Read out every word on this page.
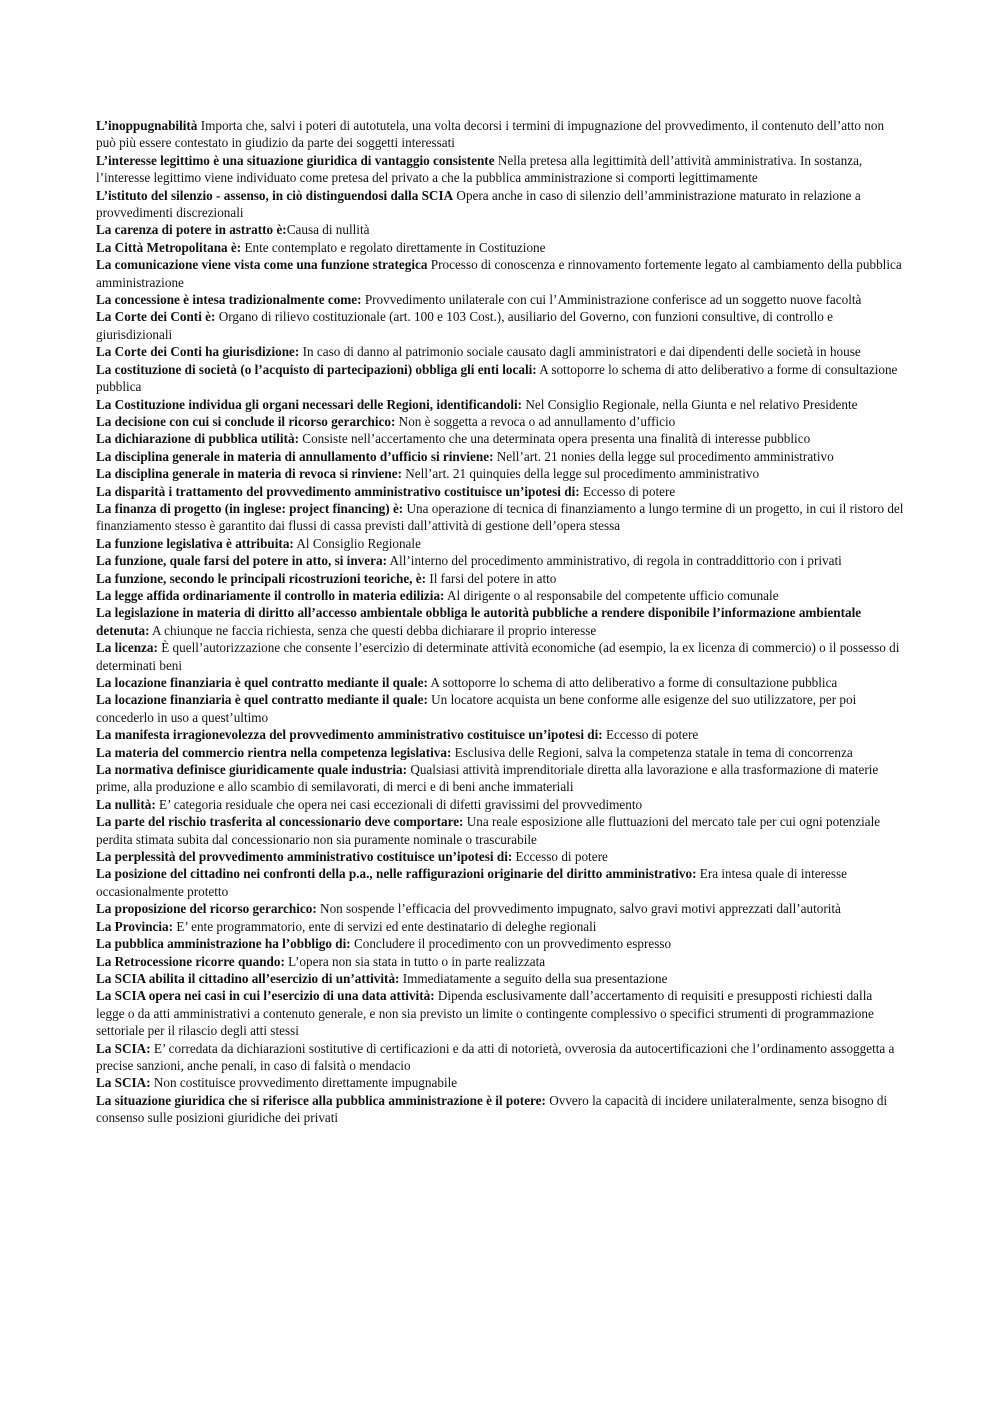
L’inoppugnabilità Importa che, salvi i poteri di autotutela, una volta decorsi i termini di impugnazione del provvedimento, il contenuto dell’atto non può più essere contestato in giudizio da parte dei soggetti interessati

L’interesse legittimo è una situazione giuridica di vantaggio consistente Nella pretesa alla legittimità dell’attività amministrativa. In sostanza, l’interesse legittimo viene individuato come pretesa del privato a che la pubblica amministrazione si comporti legittimamente

L’istituto del silenzio - assenso, in ciò distinguendosi dalla SCIA Opera anche in caso di silenzio dell’amministrazione maturato in relazione a provvedimenti discrezionali

La carenza di potere in astratto è:Causa di nullità

La Città Metropolitana è: Ente contemplato e regolato direttamente in Costituzione

La comunicazione viene vista come una funzione strategica Processo di conoscenza e rinnovamento fortemente legato al cambiamento della pubblica amministrazione

La concessione è intesa tradizionalmente come: Provvedimento unilaterale con cui l’Amministrazione conferisce ad un soggetto nuove facoltà

La Corte dei Conti è: Organo di rilievo costituzionale (art. 100 e 103 Cost.), ausiliario del Governo, con funzioni consultive, di controllo e giurisdizionali

La Corte dei Conti ha giurisdizione: In caso di danno al patrimonio sociale causato dagli amministratori e dai dipendenti delle società in house

La costituzione di società (o l’acquisto di partecipazioni) obbliga gli enti locali: A sottoporre lo schema di atto deliberativo a forme di consultazione pubblica

La Costituzione individua gli organi necessari delle Regioni, identificandoli: Nel Consiglio Regionale, nella Giunta e nel relativo Presidente

La decisione con cui si conclude il ricorso gerarchico: Non è soggetta a revoca o ad annullamento d’ufficio

La dichiarazione di pubblica utilità: Consiste nell’accertamento che una determinata opera presenta una finalità di interesse pubblico

La disciplina generale in materia di annullamento d’ufficio si rinviene: Nell’art. 21 nonies della legge sul procedimento amministrativo

La disciplina generale in materia di revoca si rinviene: Nell’art. 21 quinquies della legge sul procedimento amministrativo

La disparità i trattamento del provvedimento amministrativo costituisce un’ipotesi di: Eccesso di potere

La finanza di progetto (in inglese: project financing) è: Una operazione di tecnica di finanziamento a lungo termine di un progetto, in cui il ristoro del finanziamento stesso è garantito dai flussi di cassa previsti dall’attività di gestione dell’opera stessa

La funzione legislativa è attribuita: Al Consiglio Regionale

La funzione, quale farsi del potere in atto, si invera: All’interno del procedimento amministrativo, di regola in contraddittorio con i privati

La funzione, secondo le principali ricostruzioni teoriche, è: Il farsi del potere in atto

La legge affida ordinariamente il controllo in materia edilizia: Al dirigente o al responsabile del competente ufficio comunale

La legislazione in materia di diritto all’accesso ambientale obbliga le autorità pubbliche a rendere disponibile l’informazione ambientale detenuta: A chiunque ne faccia richiesta, senza che questi debba dichiarare il proprio interesse

La licenza: È quell’autorizzazione che consente l’esercizio di determinate attività economiche (ad esempio, la ex licenza di commercio) o il possesso di determinati beni

La locazione finanziaria è quel contratto mediante il quale: A sottoporre lo schema di atto deliberativo a forme di consultazione pubblica

La locazione finanziaria è quel contratto mediante il quale: Un locatore acquista un bene conforme alle esigenze del suo utilizzatore, per poi concederlo in uso a quest’ultimo

La manifesta irragionevolezza del provvedimento amministrativo costituisce un’ipotesi di: Eccesso di potere

La materia del commercio rientra nella competenza legislativa: Esclusiva delle Regioni, salva la competenza statale in tema di concorrenza

La normativa definisce giuridicamente quale industria: Qualsiasi attività imprenditoriale diretta alla lavorazione e alla trasformazione di materie prime, alla produzione e allo scambio di semilavorati, di merci e di beni anche immateriali

La nullità: E’ categoria residuale che opera nei casi eccezionali di difetti gravissimi del provvedimento

La parte del rischio trasferita al concessionario deve comportare: Una reale esposizione alle fluttuazioni del mercato tale per cui ogni potenziale perdita stimata subita dal concessionario non sia puramente nominale o trascurabile

La perplessità del provvedimento amministrativo costituisce un’ipotesi di: Eccesso di potere

La posizione del cittadino nei confronti della p.a., nelle raffigurazioni originarie del diritto amministrativo: Era intesa quale di interesse occasionalmente protetto

La proposizione del ricorso gerarchico: Non sospende l’efficacia del provvedimento impugnato, salvo gravi motivi apprezzati dall’autorità

La Provincia: E’ ente programmatorio, ente di servizi ed ente destinatario di deleghe regionali

La pubblica amministrazione ha l’obbligo di: Concludere il procedimento con un provvedimento espresso

La Retrocessione ricorre quando: L’opera non sia stata in tutto o in parte realizzata

La SCIA abilita il cittadino all’esercizio di un’attività: Immediatamente a seguito della sua presentazione

La SCIA opera nei casi in cui l’esercizio di una data attività: Dipenda esclusivamente dall’accertamento di requisiti e presupposti richiesti dalla legge o da atti amministrativi a contenuto generale, e non sia previsto un limite o contingente complessivo o specifici strumenti di programmazione settoriale per il rilascio degli atti stessi

La SCIA: E’ corredata da dichiarazioni sostitutive di certificazioni e da atti di notorietà, ovverosia da autocertificazioni che l’ordinamento assoggetta a precise sanzioni, anche penali, in caso di falsità o mendacio

La SCIA: Non costituisce provvedimento direttamente impugnabile

La situazione giuridica che si riferisce alla pubblica amministrazione è il potere: Ovvero la capacità di incidere unilateralmente, senza bisogno di consenso sulle posizioni giuridiche dei privati
